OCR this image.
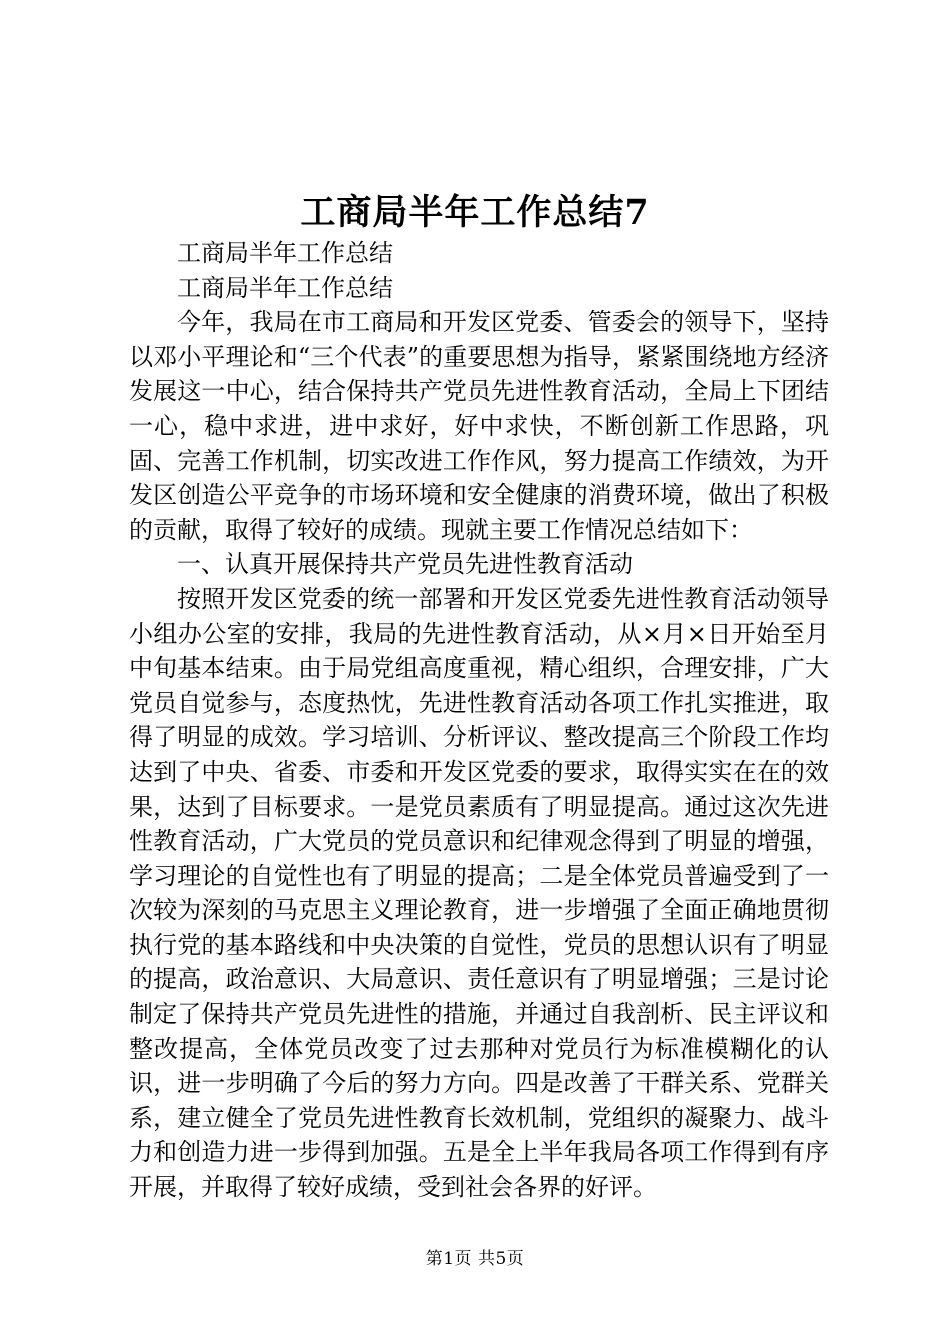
工商局半年工作总结7

工商局半年工作总结

工商局半年工作总结

今年，我局在市工商局和开发区党委、管委会的领导下，坚持以邓小平理论和“三个代表”的重要思想为指导，紧紧围绕地方经济发展这一中心，结合保持共产党员先进性教育活动，全局上下团结一心，稳中求进，进中求好，好中求快，不断创新工作思路，巩固、完善工作机制，切实改进工作作风，努力提高工作绩效，为开发区创造公平竞争的市场环境和安全健康的消费环境，做出了积极的贡献，取得了较好的成绩。现就主要工作情况总结如下：

一、认真开展保持共产党员先进性教育活动

按照开发区党委的统一部署和开发区党委先进性教育活动领导小组办公室的安排，我局的先进性教育活动，从×月×日开始至月中旬基本结束。由于局党组高度重视，精心组织，合理安排，广大党员自觉参与，态度热忱，先进性教育活动各项工作扎实推进，取得了明显的成效。学习培训、分析评议、整改提高三个阶段工作均达到了中央、省委、市委和开发区党委的要求，取得实实在在的效果，达到了目标要求。一是党员素质有了明显提高。通过这次先进性教育活动，广大党员的党员意识和纪律观念得到了明显的增强，学习理论的自觉性也有了明显的提高；二是全体党员普遍受到了一次较为深刻的马克思主义理论教育，进一步增强了全面正确地贯彻执行党的基本路线和中央决策的自觉性，党员的思想认识有了明显的提高，政治意识、大局意识、责任意识有了明显增强；三是讨论制定了保持共产党员先进性的措施，并通过自我剖析、民主评议和整改提高，全体党员改变了过去那种对党员行为标准模糊化的认识，进一步明确了今后的努力方向。四是改善了干群关系、党群关系，建立健全了党员先进性教育长效机制，党组织的凝聚力、战斗力和创造力进一步得到加强。五是全上半年我局各项工作得到有序开展，并取得了较好成绩，受到社会各界的好评。

第1页 共5页
